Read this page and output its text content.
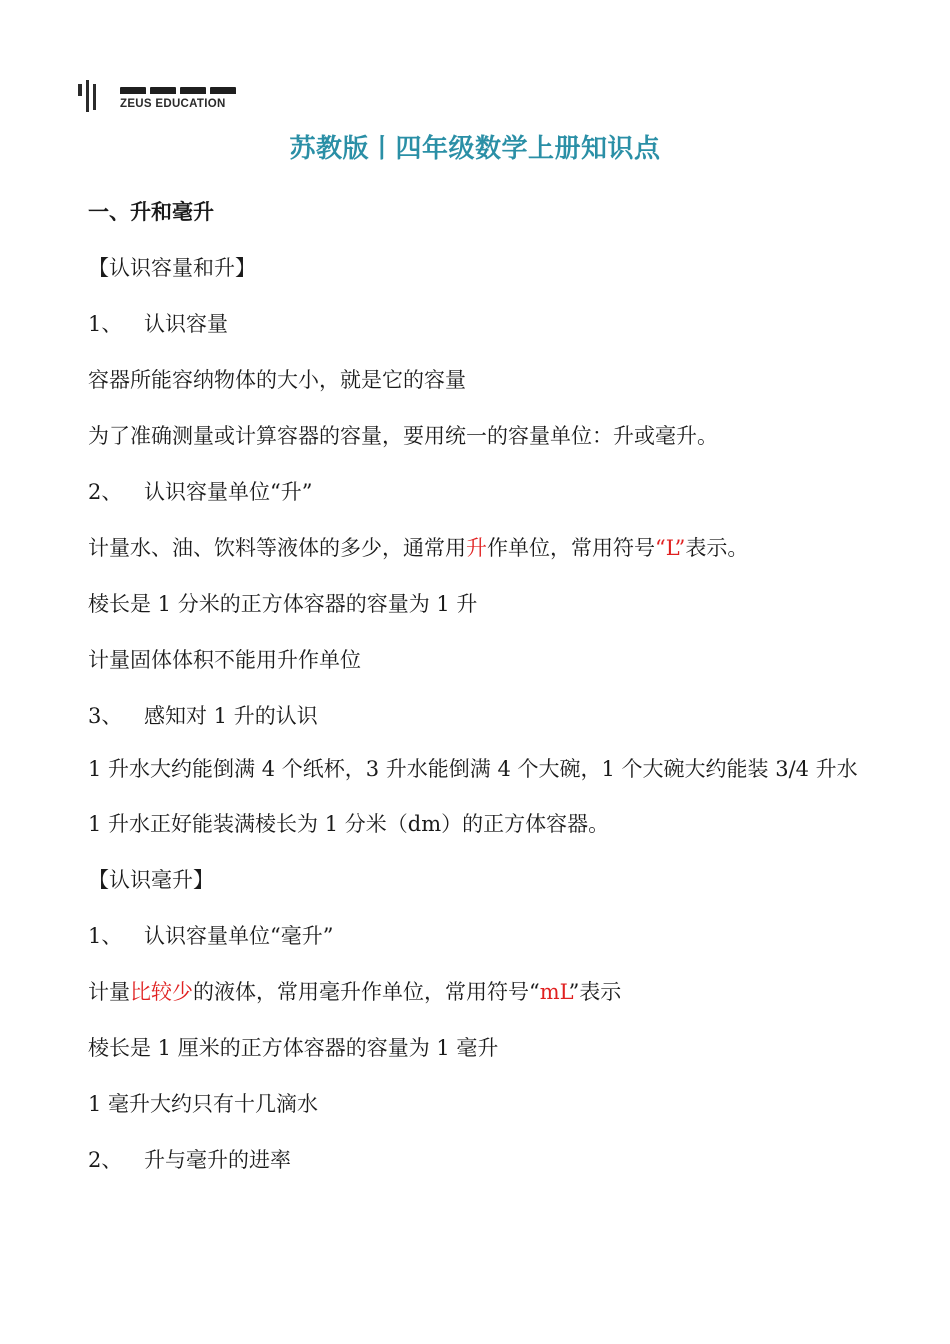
ZEUS EDUCATION
苏教版丨四年级数学上册知识点
一、升和毫升
【认识容量和升】
1、 认识容量
容器所能容纳物体的大小，就是它的容量
为了准确测量或计算容器的容量，要用统一的容量单位：升或毫升。
2、 认识容量单位“升”
计量水、油、饮料等液体的多少，通常用升作单位，常用符号“L”表示。
棱长是 1 分米的正方体容器的容量为 1 升
计量固体体积不能用升作单位
3、 感知对 1 升的认识
1 升水大约能倒满 4 个纸杯，3 升水能倒满 4 个大碗，1 个大碗大约能装 3/4 升水
1 升水正好能装满棱长为 1 分米（dm）的正方体容器。
【认识毫升】
1、 认识容量单位“毫升”
计量比较少的液体，常用毫升作单位，常用符号“mL”表示
棱长是 1 厘米的正方体容器的容量为 1 毫升
1 毫升大约只有十几滴水
2、 升与毫升的进率
